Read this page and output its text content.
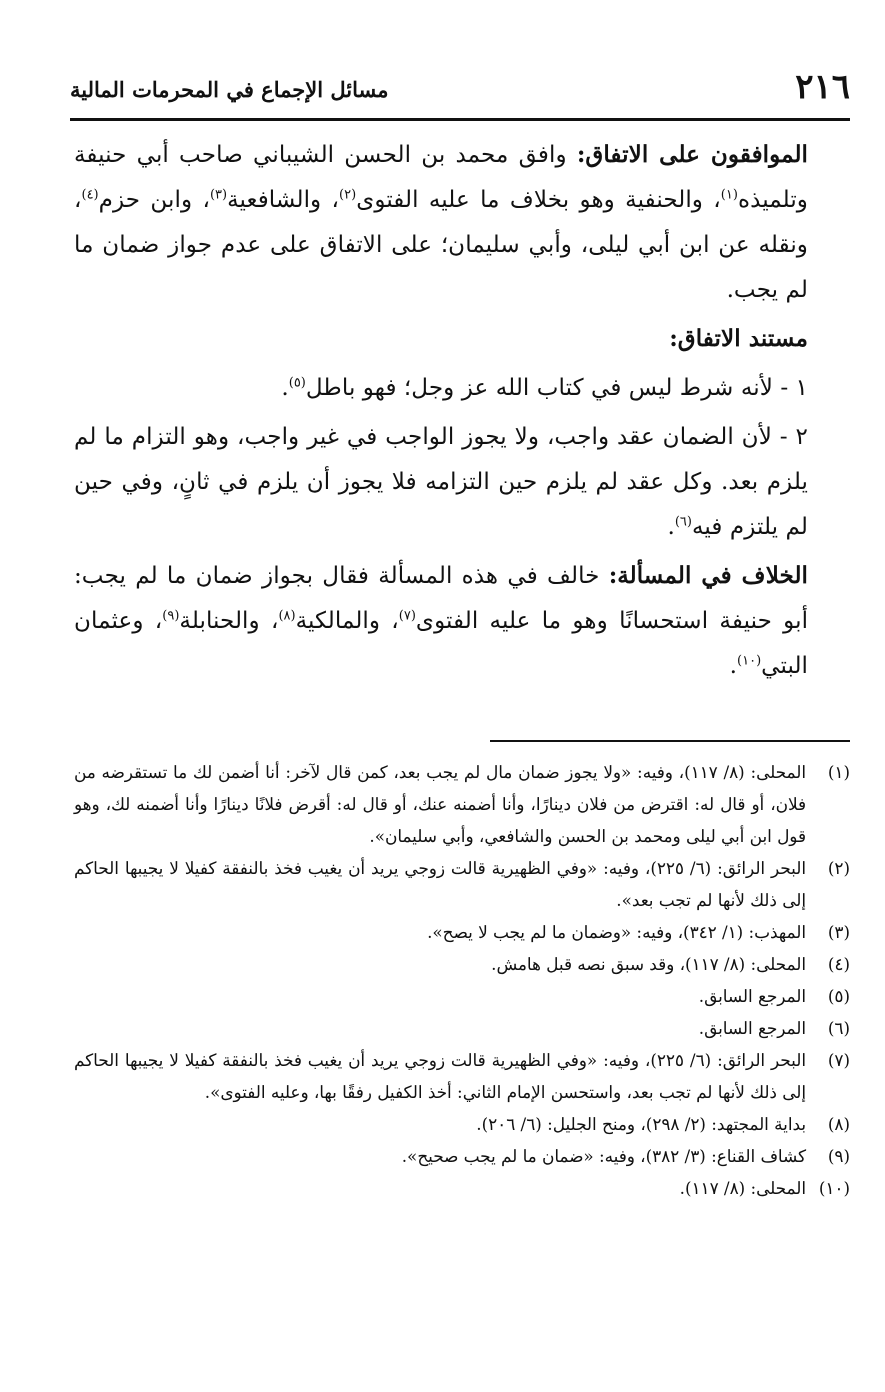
٢١٦
مسائل الإجماع في المحرمات المالية

الموافقون على الاتفاق: وافق محمد بن الحسن الشيباني صاحب أبي حنيفة وتلميذه$^{(١)}$، والحنفية وهو بخلاف ما عليه الفتوى$^{(٢)}$، والشافعية$^{(٣)}$، وابن حزم$^{(٤)}$، ونقله عن ابن أبي ليلى، وأبي سليمان؛ على الاتفاق على عدم جواز ضمان ما لم يجب.

مستند الاتفاق:

١ - لأنه شرط ليس في كتاب الله عز وجل؛ فهو باطل$^{(٥)}$.

٢ - لأن الضمان عقد واجب، ولا يجوز الواجب في غير واجب، وهو التزام ما لم يلزم بعد. وكل عقد لم يلزم حين التزامه فلا يجوز أن يلزم في ثانٍ، وفي حين لم يلتزم فيه$^{(٦)}$.

الخلاف في المسألة: خالف في هذه المسألة فقال بجواز ضمان ما لم يجب: أبو حنيفة استحسانًا وهو ما عليه الفتوى$^{(٧)}$، والمالكية$^{(٨)}$، والحنابلة$^{(٩)}$، وعثمان البتي$^{(١٠)}$.

(١)
المحلى: (٨/ ١١٧)، وفيه: «ولا يجوز ضمان مال لم يجب بعد، كمن قال لآخر: أنا أضمن لك ما تستقرضه من فلان، أو قال له: اقترض من فلان دينارًا، وأنا أضمنه عنك، أو قال له: أقرض فلانًا دينارًا وأنا أضمنه لك، وهو قول ابن أبي ليلى ومحمد بن الحسن والشافعي، وأبي سليمان».

(٢)
البحر الرائق: (٦/ ٢٢٥)، وفيه: «وفي الظهيرية قالت زوجي يريد أن يغيب فخذ بالنفقة كفيلا لا يجيبها الحاكم إلى ذلك لأنها لم تجب بعد».

(٣)
المهذب: (١/ ٣٤٢)، وفيه: «وضمان ما لم يجب لا يصح».

(٤)
المحلى: (٨/ ١١٧)، وقد سبق نصه قبل هامش.

(٥)
المرجع السابق.

(٦)
المرجع السابق.

(٧)
البحر الرائق: (٦/ ٢٢٥)، وفيه: «وفي الظهيرية قالت زوجي يريد أن يغيب فخذ بالنفقة كفيلا لا يجيبها الحاكم إلى ذلك لأنها لم تجب بعد، واستحسن الإمام الثاني: أخذ الكفيل رفقًا بها، وعليه الفتوى».

(٨)
بداية المجتهد: (٢/ ٢٩٨)، ومنح الجليل: (٦/ ٢٠٦).

(٩)
كشاف القناع: (٣/ ٣٨٢)، وفيه: «ضمان ما لم يجب صحيح».

(١٠)
المحلى: (٨/ ١١٧).
